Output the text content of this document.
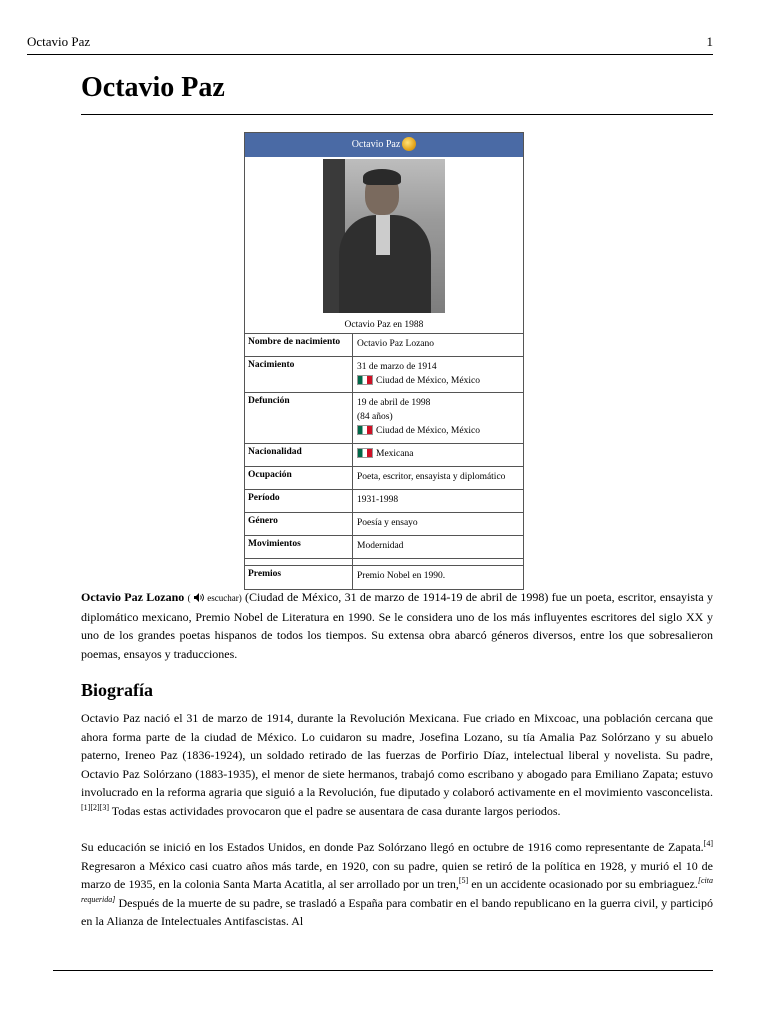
Octavio Paz	1
Octavio Paz
Octavio Paz
Octavio Paz en 1988
Nombre de nacimiento	Octavio Paz Lozano
Nacimiento	31 de marzo de 1914
Ciudad de México, México
Defunción	19 de abril de 1998
(84 años)
Ciudad de México, México
Nacionalidad	Mexicana
Ocupación	Poeta, escritor, ensayista y diplomático
Período	1931-1998
Género	Poesía y ensayo
Movimientos	Modernidad
Premios	Premio Nobel en 1990.

Octavio Paz Lozano ( escuchar) (Ciudad de México, 31 de marzo de 1914-19 de abril de 1998) fue un poeta, escritor, ensayista y diplomático mexicano, Premio Nobel de Literatura en 1990. Se le considera uno de los más influyentes escritores del siglo XX y uno de los grandes poetas hispanos de todos los tiempos. Su extensa obra abarcó géneros diversos, entre los que sobresalieron poemas, ensayos y traducciones.

Biografía

Octavio Paz nació el 31 de marzo de 1914, durante la Revolución Mexicana. Fue criado en Mixcoac, una población cercana que ahora forma parte de la ciudad de México. Lo cuidaron su madre, Josefina Lozano, su tía Amalia Paz Solórzano y su abuelo paterno, Ireneo Paz (1836-1924), un soldado retirado de las fuerzas de Porfirio Díaz, intelectual liberal y novelista. Su padre, Octavio Paz Solórzano (1883-1935), el menor de siete hermanos, trabajó como escribano y abogado para Emiliano Zapata; estuvo involucrado en la reforma agraria que siguió a la Revolución, fue diputado y colaboró activamente en el movimiento vasconcelista.[1][2][3] Todas estas actividades provocaron que el padre se ausentara de casa durante largos periodos.

Su educación se inició en los Estados Unidos, en donde Paz Solórzano llegó en octubre de 1916 como representante de Zapata.[4] Regresaron a México casi cuatro años más tarde, en 1920, con su padre, quien se retiró de la política en 1928, y murió el 10 de marzo de 1935, en la colonia Santa Marta Acatitla, al ser arrollado por un tren,[5] en un accidente ocasionado por su embriaguez.[cita requerida] Después de la muerte de su padre, se trasladó a España para combatir en el bando republicano en la guerra civil, y participó en la Alianza de Intelectuales Antifascistas. Al
